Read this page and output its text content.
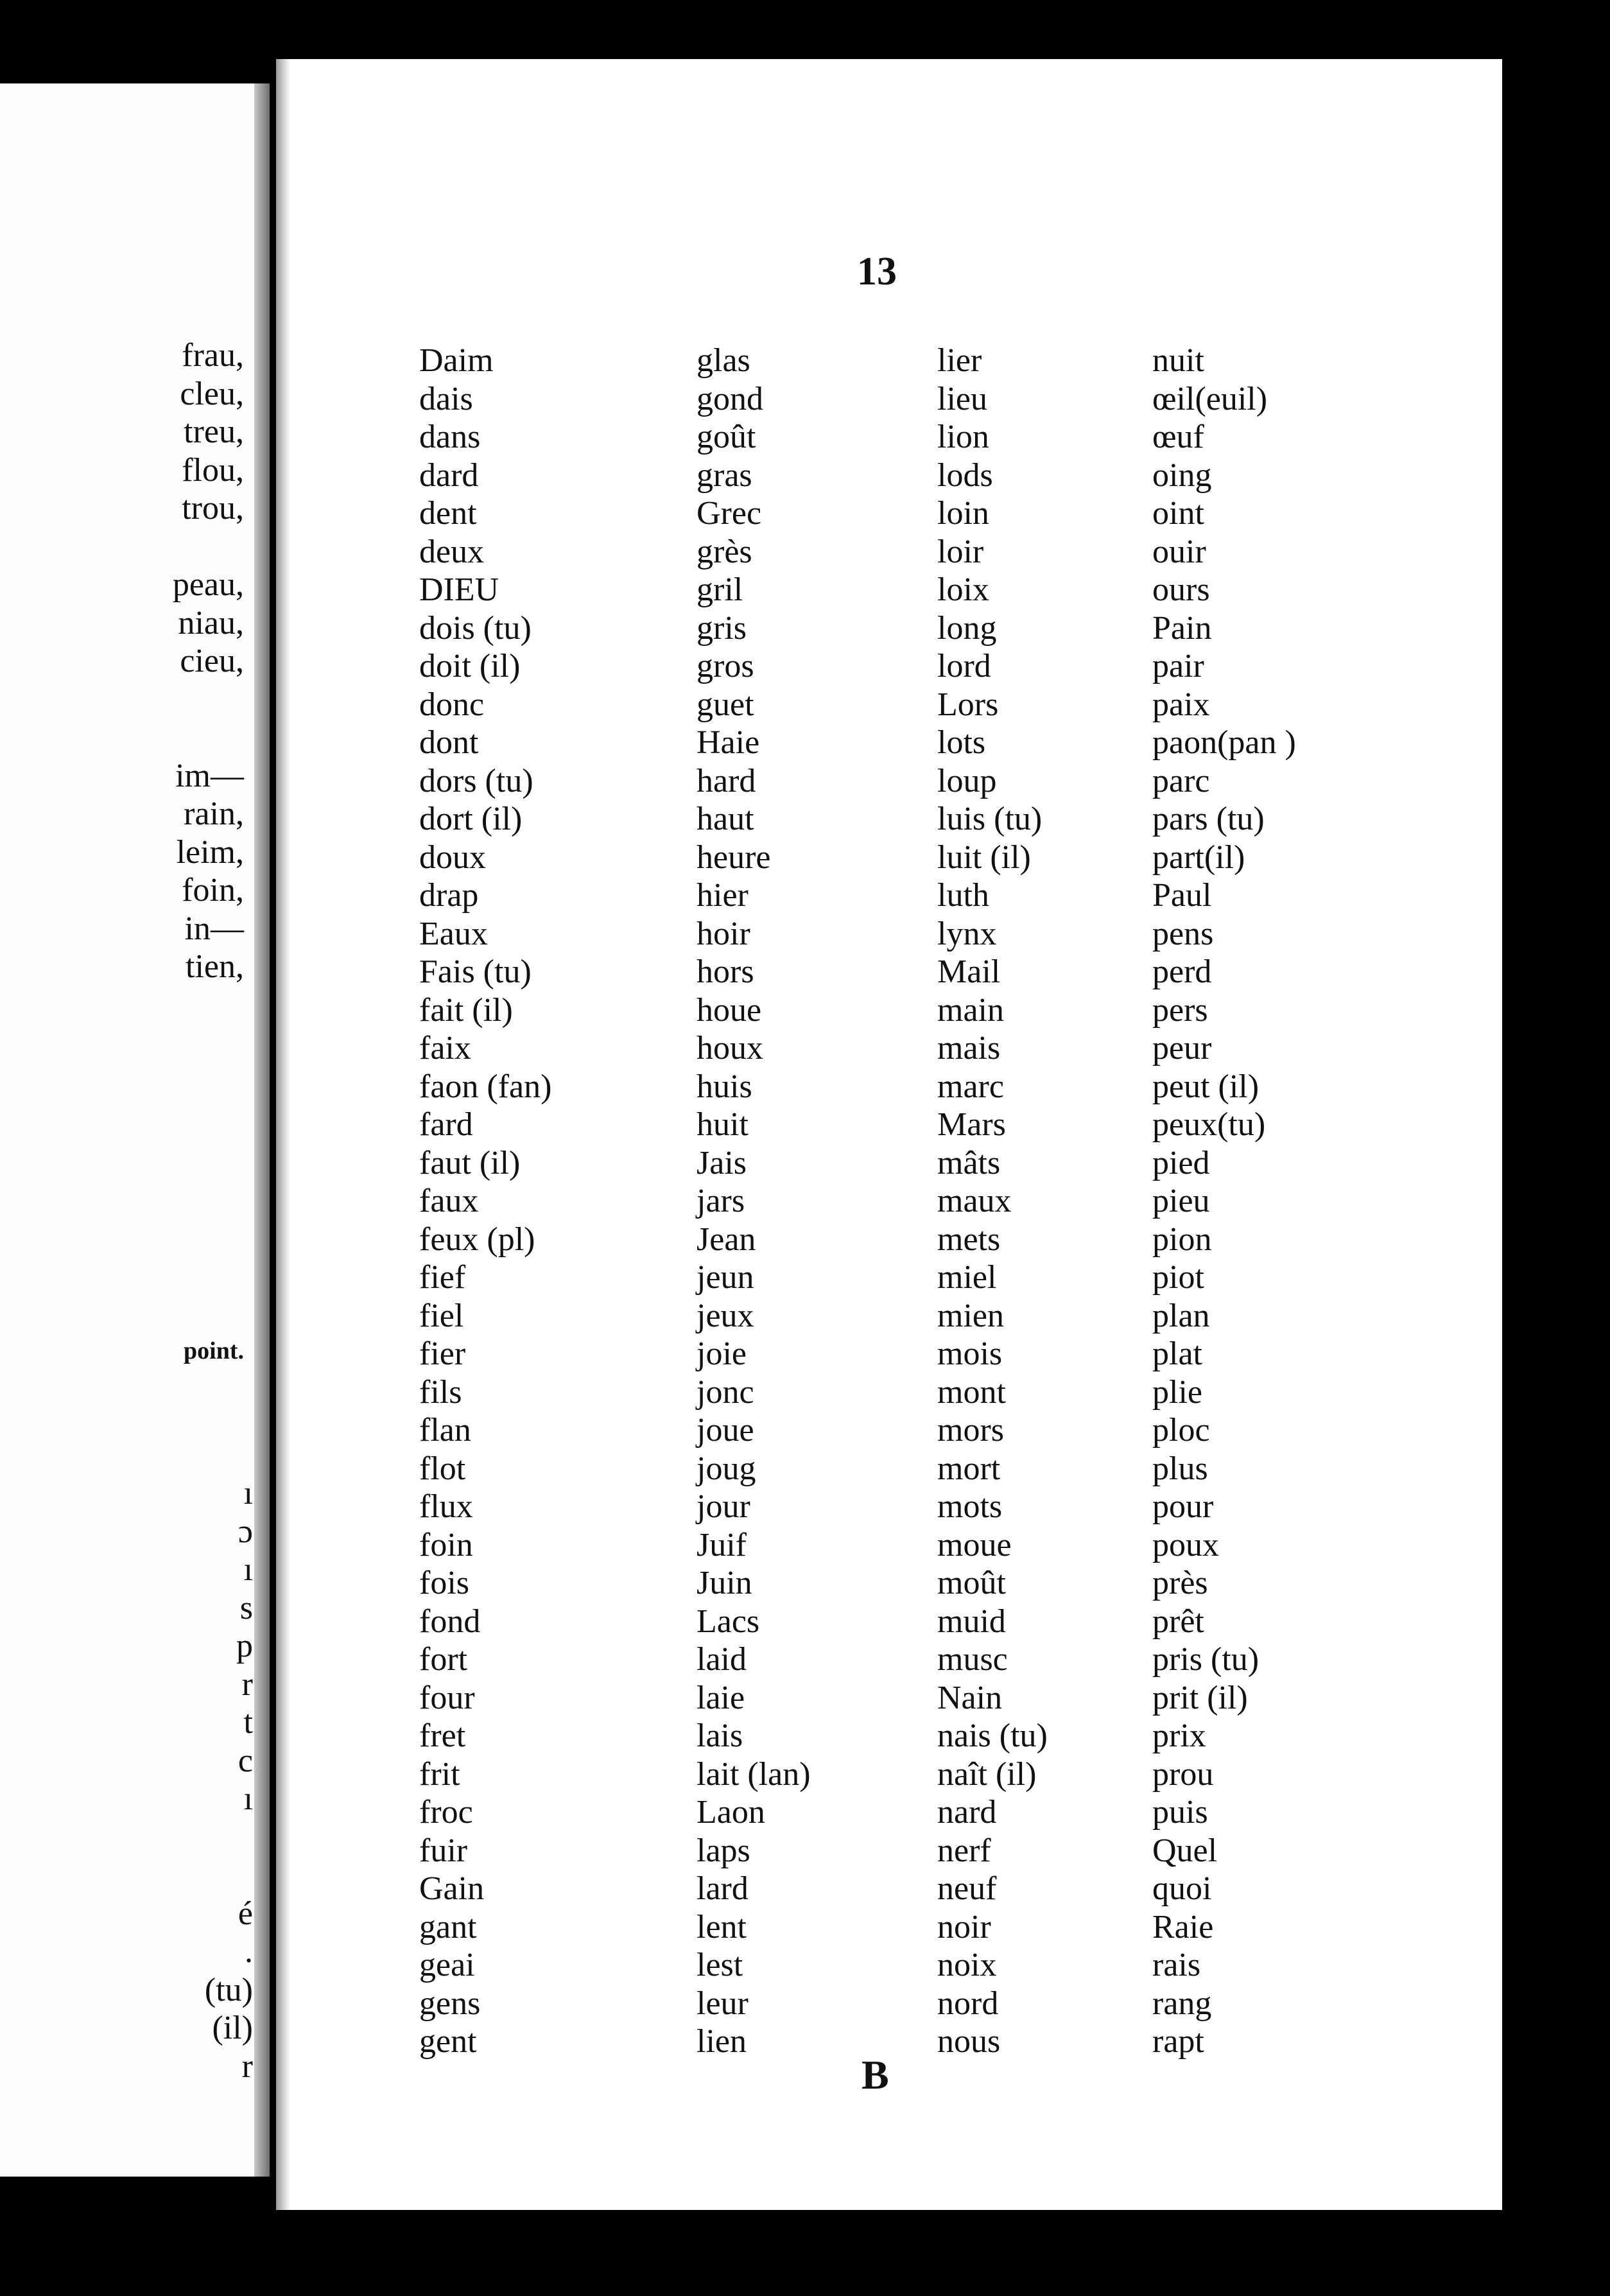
frau,
cleu,
treu,
flou,
trou,
peau,
niau,
cieu,
im—
rain,
leim,
foin,
in—
tien,
point.
ı
ɔ
ı
s
p
r
t
c
ı
é
.
(tu)
(il)
r
13
Daim
dais
dans
dard
dent
deux
DIEU
dois (tu)
doit (il)
donc
dont
dors (tu)
dort (il)
doux
drap
Eaux
Fais (tu)
fait (il)
faix
faon (fan)
fard
faut (il)
faux
feux (pl)
fief
fiel
fier
fils
flan
flot
flux
foin
fois
fond
fort
four
fret
frit
froc
fuir
Gain
gant
geai
gens
gent
glas
gond
goût
gras
Grec
grès
gril
gris
gros
guet
Haie
hard
haut
heure
hier
hoir
hors
houe
houx
huis
huit
Jais
jars
Jean
jeun
jeux
joie
jonc
joue
joug
jour
Juif
Juin
Lacs
laid
laie
lais
lait (lan)
Laon
laps
lard
lent
lest
leur
lien
lier
lieu
lion
lods
loin
loir
loix
long
lord
Lors
lots
loup
luis (tu)
luit (il)
luth
lynx
Mail
main
mais
marc
Mars
mâts
maux
mets
miel
mien
mois
mont
mors
mort
mots
moue
moût
muid
musc
Nain
nais (tu)
naît (il)
nard
nerf
neuf
noir
noix
nord
nous
nuit
œil(euil)
œuf
oing
oint
ouir
ours
Pain
pair
paix
paon(pan )
parc
pars (tu)
part(il)
Paul
pens
perd
pers
peur
peut (il)
peux(tu)
pied
pieu
pion
piot
plan
plat
plie
ploc
plus
pour
poux
près
prêt
pris (tu)
prit (il)
prix
prou
puis
Quel
quoi
Raie
rais
rang
rapt
B
